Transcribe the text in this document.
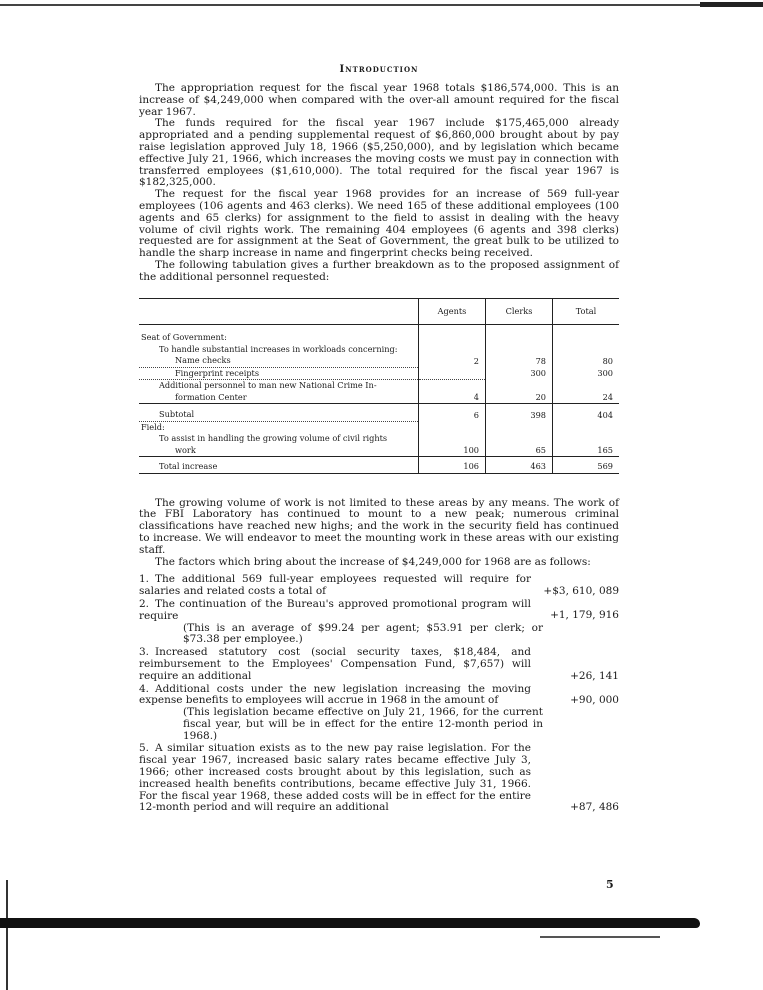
Introduction

The appropriation request for the fiscal year 1968 totals $186,574,000. This is an increase of $4,249,000 when compared with the over-all amount required for the fiscal year 1967.

The funds required for the fiscal year 1967 include $175,465,000 already appropriated and a pending supplemental request of $6,860,000 brought about by pay raise legislation approved July 18, 1966 ($5,250,000), and by legislation which became effective July 21, 1966, which increases the moving costs we must pay in connection with transferred employees ($1,610,000). The total required for the fiscal year 1967 is $182,325,000.

The request for the fiscal year 1968 provides for an increase of 569 full-year employees (106 agents and 463 clerks). We need 165 of these additional employees (100 agents and 65 clerks) for assignment to the field to assist in dealing with the heavy volume of civil rights work. The remaining 404 employees (6 agents and 398 clerks) requested are for assignment at the Seat of Government, the great bulk to be utilized to handle the sharp increase in name and fingerprint checks being received.

The following tabulation gives a further breakdown as to the proposed assignment of the additional personnel requested:

	Agents	Clerks	Total
Seat of Government:			
To handle substantial increases in workloads concerning:			
Name checks	2	78	80
Fingerprint receipts		300	300
Additional personnel to man new National Crime In-			
formation Center	4	20	24
Subtotal	6	398	404
Field:			
To assist in handling the growing volume of civil rights			
work	100	65	165
Total increase	106	463	569

The growing volume of work is not limited to these areas by any means. The work of the FBI Laboratory has continued to mount to a new peak; numerous criminal classifications have reached new highs; and the work in the security field has continued to increase. We will endeavor to meet the mounting work in these areas with our existing staff.

The factors which bring about the increase of $4,249,000 for 1968 are as follows:

1. The additional 569 full-year employees requested will require for salaries and related costs a total of	+$3, 610, 089
2. The continuation of the Bureau's approved promotional program will require	+1, 179, 916
(This is an average of $99.24 per agent; $53.91 per clerk; or $73.38 per employee.)
3. Increased statutory cost (social security taxes, $18,484, and reimbursement to the Employees' Compensation Fund, $7,657) will require an additional	+26, 141
4. Additional costs under the new legislation increasing the moving expense benefits to employees will accrue in 1968 in the amount of	+90, 000
(This legislation became effective on July 21, 1966, for the current fiscal year, but will be in effect for the entire 12-month period in 1968.)
5. A similar situation exists as to the new pay raise legislation. For the fiscal year 1967, increased basic salary rates became effective July 3, 1966; other increased costs brought about by this legislation, such as increased health benefits contributions, became effective July 31, 1966. For the fiscal year 1968, these added costs will be in effect for the entire 12-month period and will require an additional	+87, 486
5
